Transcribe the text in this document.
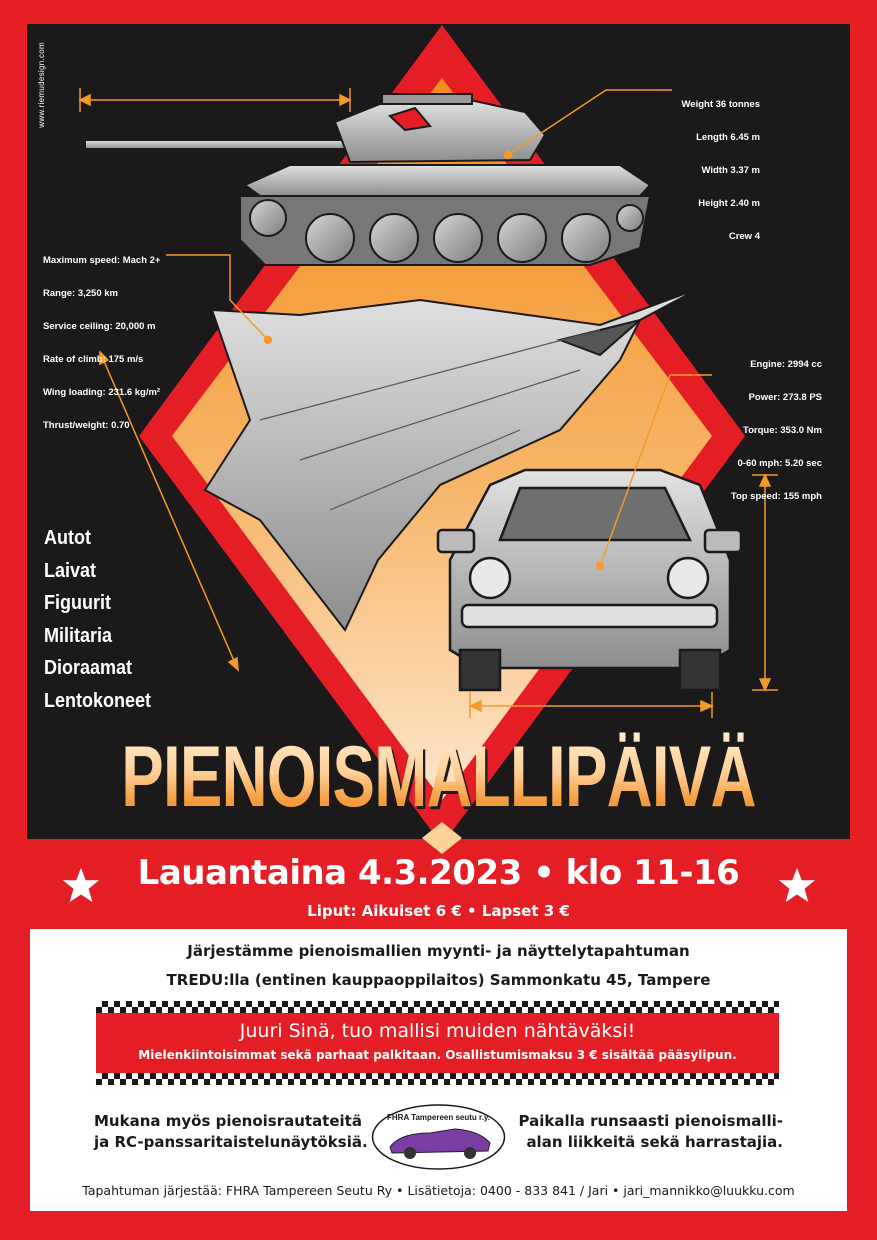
www.riemudesign.com

	Weight 36 tonnes

Length 6.45 m

Width 3.37 m

Height 2.40 m

Crew 4

Maximum speed: Mach 2+

Range: 3,250 km

Service ceiling: 20,000 m

Rate of climb: 175 m/s

Wing loading: 231.6 kg/m²

Thrust/weight: 0.70

Engine: 2994 cc

Power: 273.8 PS

Torque: 353.0 Nm

0-60 mph: 5.20 sec

Top speed: 155 mph

Autot
Laivat
Figuurit
Militaria
Dioraamat
Lentokoneet
PIENOISMALLIPÄIVÄ
Lauantaina 4.3.2023 • klo 11-16
Liput: Aikuiset 6 € • Lapset 3 €
Järjestämme pienoismallien myynti- ja näyttelytapahtuman
TREDU:lla (entinen kauppaoppilaitos) Sammonkatu 45, Tampere
Juuri Sinä, tuo mallisi muiden nähtäväksi!
Mielenkiintoisimmat sekä parhaat palkitaan. Osallistumismaksu 3 € sisältää pääsylipun.
Mukana myös pienoisrautateitä
ja RC-panssaritaistelunäytöksiä.
FHRA Tampereen seutu r.y. Paikalla runsaasti pienoismalli-
alan liikkeitä sekä harrastajia.
Tapahtuman järjestää: FHRA Tampereen Seutu Ry • Lisätietoja: 0400 - 833 841 / Jari • jari_mannikko@luukku.com
